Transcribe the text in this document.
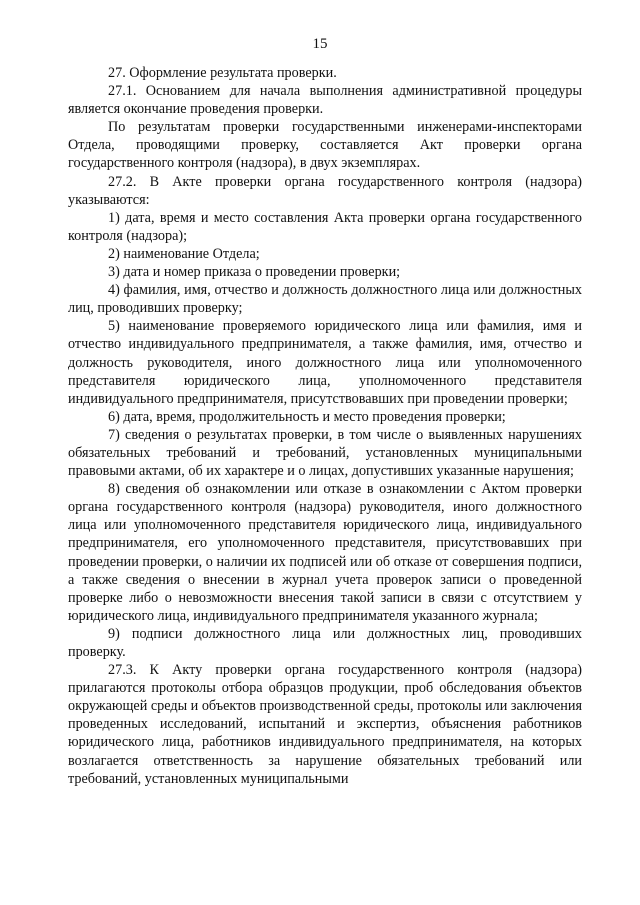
15

27. Оформление результата проверки.

27.1. Основанием для начала выполнения административной процедуры является окончание проведения проверки.

По результатам проверки государственными инженерами-инспекторами Отдела, проводящими проверку, составляется Акт проверки органа государственного контроля (надзора), в двух экземплярах.

27.2. В Акте проверки органа государственного контроля (надзора) указываются:

1) дата, время и место составления Акта проверки органа государственного контроля (надзора);

2) наименование Отдела;

3) дата и номер приказа о проведении проверки;

4) фамилия, имя, отчество и должность должностного лица или должностных лиц, проводивших проверку;

5) наименование проверяемого юридического лица или фамилия, имя и отчество индивидуального предпринимателя, а также фамилия, имя, отчество и должность руководителя, иного должностного лица или уполномоченного представителя юридического лица, уполномоченного представителя индивидуального предпринимателя, присутствовавших при проведении проверки;

6) дата, время, продолжительность и место проведения проверки;

7) сведения о результатах проверки, в том числе о выявленных нарушениях обязательных требований и требований, установленных муниципальными правовыми актами, об их характере и о лицах, допустивших указанные нарушения;

8) сведения об ознакомлении или отказе в ознакомлении с Актом проверки органа государственного контроля (надзора) руководителя, иного должностного лица или уполномоченного представителя юридического лица, индивидуального предпринимателя, его уполномоченного представителя, присутствовавших при проведении проверки, о наличии их подписей или об отказе от совершения подписи, а также сведения о внесении в журнал учета проверок записи о проведенной проверке либо о невозможности внесения такой записи в связи с отсутствием у юридического лица, индивидуального предпринимателя указанного журнала;

9) подписи должностного лица или должностных лиц, проводивших проверку.

27.3. К Акту проверки органа государственного контроля (надзора) прилагаются протоколы отбора образцов продукции, проб обследования объектов окружающей среды и объектов производственной среды, протоколы или заключения проведенных исследований, испытаний и экспертиз, объяснения работников юридического лица, работников индивидуального предпринимателя, на которых возлагается ответственность за нарушение обязательных требований или требований, установленных муниципальными
